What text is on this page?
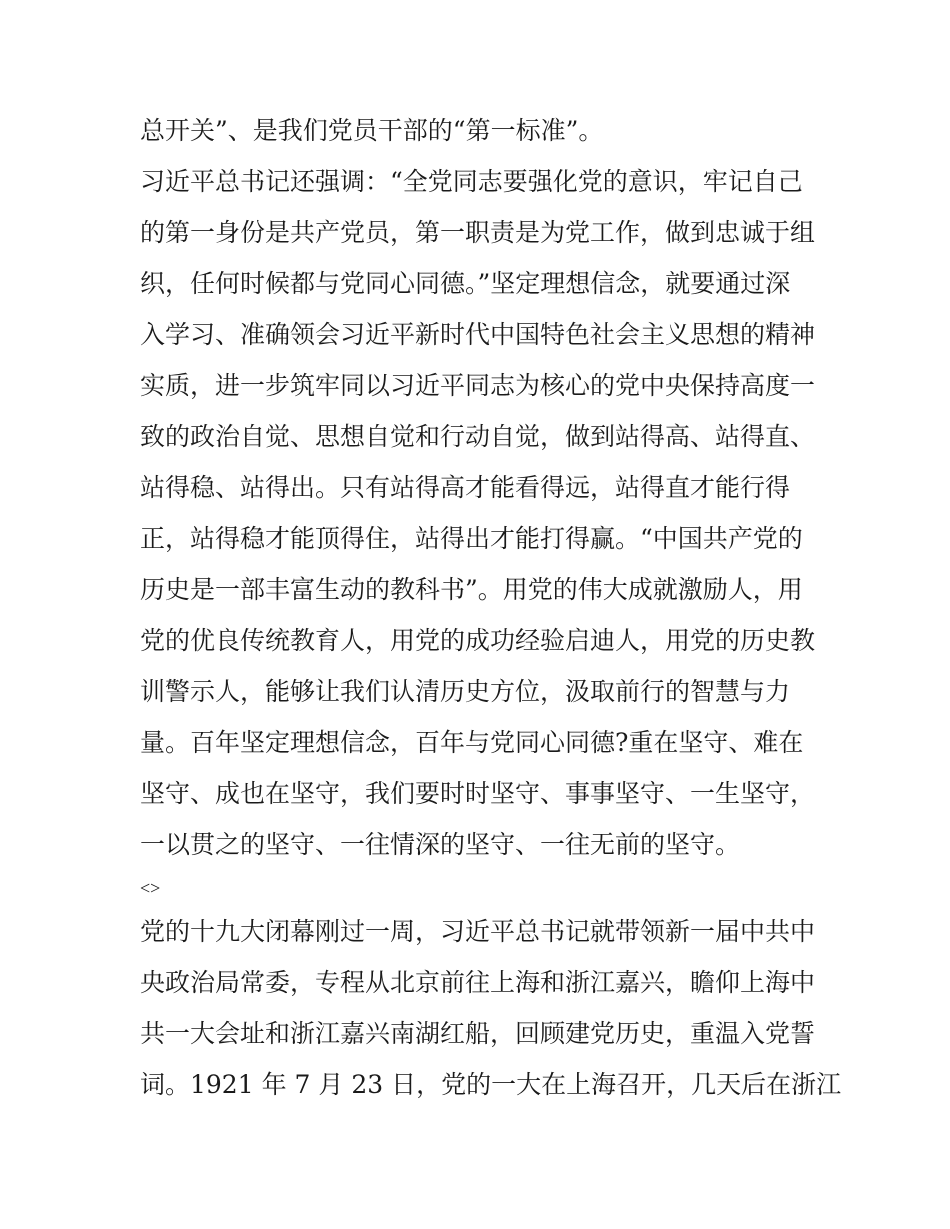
总开关”、是我们党员干部的“第一标准”。
习近平总书记还强调：“全党同志要强化党的意识，牢记自己
的第一身份是共产党员，第一职责是为党工作，做到忠诚于组
织，任何时候都与党同心同德。”坚定理想信念，就要通过深
入学习、准确领会习近平新时代中国特色社会主义思想的精神
实质，进一步筑牢同以习近平同志为核心的党中央保持高度一
致的政治自觉、思想自觉和行动自觉，做到站得高、站得直、
站得稳、站得出。只有站得高才能看得远，站得直才能行得
正，站得稳才能顶得住，站得出才能打得赢。“中国共产党的
历史是一部丰富生动的教科书”。用党的伟大成就激励人，用
党的优良传统教育人，用党的成功经验启迪人，用党的历史教
训警示人，能够让我们认清历史方位，汲取前行的智慧与力
量。百年坚定理想信念，百年与党同心同德?重在坚守、难在
坚守、成也在坚守，我们要时时坚守、事事坚守、一生坚守，
一以贯之的坚守、一往情深的坚守、一往无前的坚守。
<>
党的十九大闭幕刚过一周，习近平总书记就带领新一届中共中
央政治局常委，专程从北京前往上海和浙江嘉兴，瞻仰上海中
共一大会址和浙江嘉兴南湖红船，回顾建党历史，重温入党誓
词。1921 年 7 月 23 日，党的一大在上海召开，几天后在浙江
